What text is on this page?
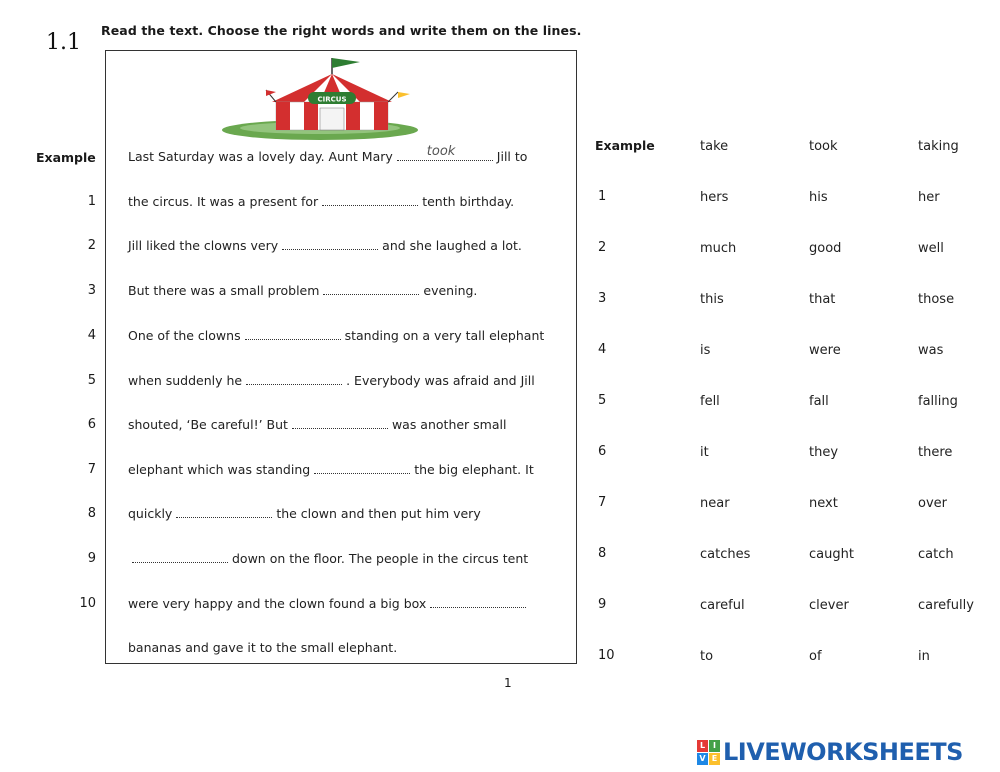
1.1 Read the text. Choose the right words and write them on the lines.
CIRCUS
Example	Last Saturday was a lovely day. Aunt Mary	took	Jill to
1	the circus. It was a present for	tenth birthday.
2	Jill liked the clowns very	and she laughed a lot.
3	But there was a small problem	evening.
4	One of the clowns	standing on a very tall elephant
5	when suddenly he	. Everybody was afraid and Jill
6	shouted, ‘Be careful!’ But	was another small
7	elephant which was standing	the big elephant. It
8	quickly	the clown and then put him very
9	down on the floor. The people in the circus tent
10	were very happy and the clown found a big box
bananas and gave it to the small elephant.
1
Example	take	took	taking
1	hers	his	her
2	much	good	well
3	this	that	those
4	is	were	was
5	fell	fall	falling
6	it	they	there
7	near	next	over
8	catches	caught	catch
9	careful	clever	carefully
10	to	of	in
L I
V E LIVEWORKSHEETS
